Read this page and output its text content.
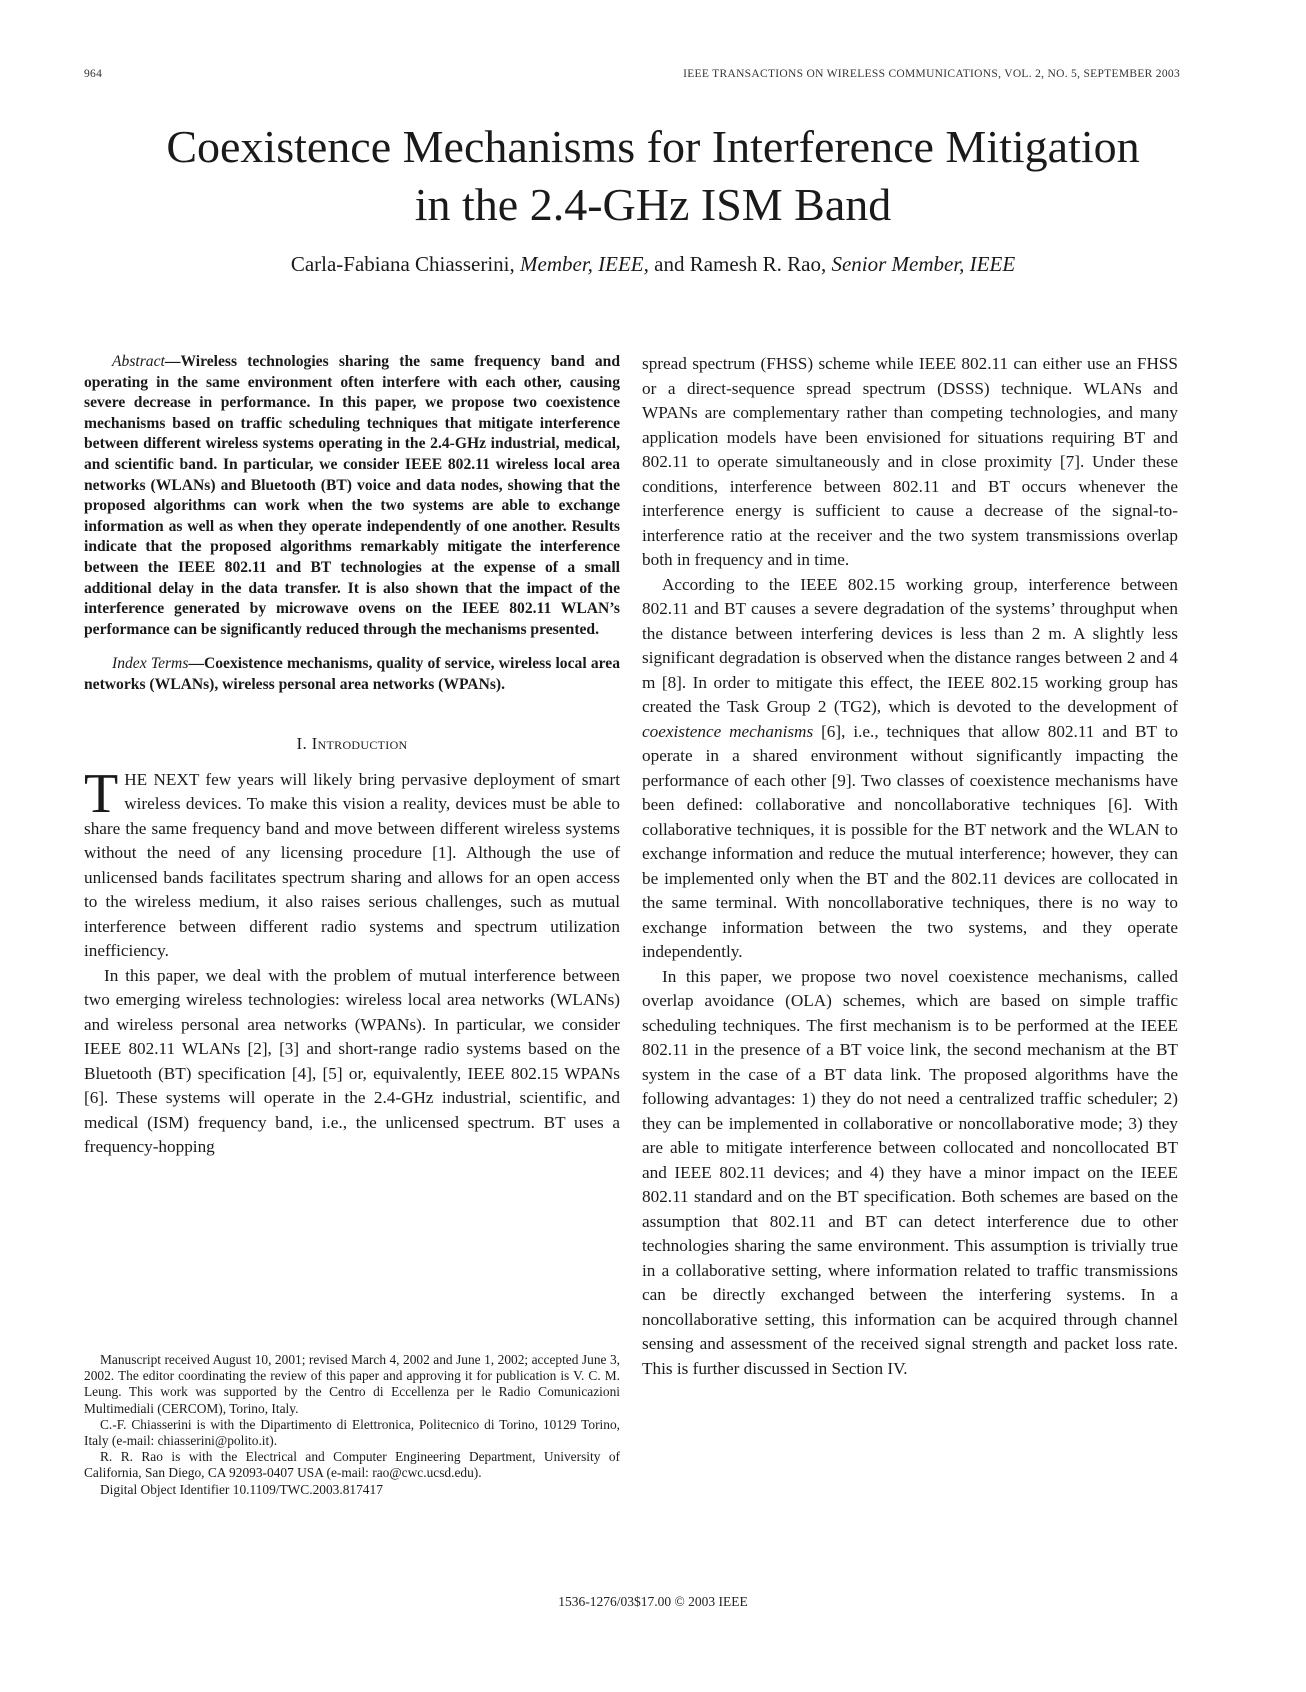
964	IEEE TRANSACTIONS ON WIRELESS COMMUNICATIONS, VOL. 2, NO. 5, SEPTEMBER 2003
Coexistence Mechanisms for Interference Mitigation
in the 2.4-GHz ISM Band
Carla-Fabiana Chiasserini, Member, IEEE, and Ramesh R. Rao, Senior Member, IEEE

Abstract—Wireless technologies sharing the same frequency band and operating in the same environment often interfere with each other, causing severe decrease in performance. In this paper, we propose two coexistence mechanisms based on traffic scheduling techniques that mitigate interference between different wireless systems operating in the 2.4-GHz industrial, medical, and scientific band. In particular, we consider IEEE 802.11 wireless local area networks (WLANs) and Bluetooth (BT) voice and data nodes, showing that the proposed algorithms can work when the two systems are able to exchange information as well as when they operate independently of one another. Results indicate that the proposed algorithms remarkably mitigate the interference between the IEEE 802.11 and BT technologies at the expense of a small additional delay in the data transfer. It is also shown that the impact of the interference generated by microwave ovens on the IEEE 802.11 WLAN’s performance can be significantly reduced through the mechanisms presented.

Index Terms—Coexistence mechanisms, quality of service, wireless local area networks (WLANs), wireless personal area networks (WPANs).

I. Introduction

THE NEXT few years will likely bring pervasive deployment of smart wireless devices. To make this vision a reality, devices must be able to share the same frequency band and move between different wireless systems without the need of any licensing procedure [1]. Although the use of unlicensed bands facilitates spectrum sharing and allows for an open access to the wireless medium, it also raises serious challenges, such as mutual interference between different radio systems and spectrum utilization inefficiency.

In this paper, we deal with the problem of mutual interference between two emerging wireless technologies: wireless local area networks (WLANs) and wireless personal area networks (WPANs). In particular, we consider IEEE 802.11 WLANs [2], [3] and short-range radio systems based on the Bluetooth (BT) specification [4], [5] or, equivalently, IEEE 802.15 WPANs [6]. These systems will operate in the 2.4-GHz industrial, scientific, and medical (ISM) frequency band, i.e., the unlicensed spectrum. BT uses a frequency-hopping

spread spectrum (FHSS) scheme while IEEE 802.11 can either use an FHSS or a direct-sequence spread spectrum (DSSS) technique. WLANs and WPANs are complementary rather than competing technologies, and many application models have been envisioned for situations requiring BT and 802.11 to operate simultaneously and in close proximity [7]. Under these conditions, interference between 802.11 and BT occurs whenever the interference energy is sufficient to cause a decrease of the signal-to-interference ratio at the receiver and the two system transmissions overlap both in frequency and in time.

According to the IEEE 802.15 working group, interference between 802.11 and BT causes a severe degradation of the systems’ throughput when the distance between interfering devices is less than 2 m. A slightly less significant degradation is observed when the distance ranges between 2 and 4 m [8]. In order to mitigate this effect, the IEEE 802.15 working group has created the Task Group 2 (TG2), which is devoted to the development of coexistence mechanisms [6], i.e., techniques that allow 802.11 and BT to operate in a shared environment without significantly impacting the performance of each other [9]. Two classes of coexistence mechanisms have been defined: collaborative and noncollaborative techniques [6]. With collaborative techniques, it is possible for the BT network and the WLAN to exchange information and reduce the mutual interference; however, they can be implemented only when the BT and the 802.11 devices are collocated in the same terminal. With noncollaborative techniques, there is no way to exchange information between the two systems, and they operate independently.

In this paper, we propose two novel coexistence mechanisms, called overlap avoidance (OLA) schemes, which are based on simple traffic scheduling techniques. The first mechanism is to be performed at the IEEE 802.11 in the presence of a BT voice link, the second mechanism at the BT system in the case of a BT data link. The proposed algorithms have the following advantages: 1) they do not need a centralized traffic scheduler; 2) they can be implemented in collaborative or noncollaborative mode; 3) they are able to mitigate interference between collocated and noncollocated BT and IEEE 802.11 devices; and 4) they have a minor impact on the IEEE 802.11 standard and on the BT specification. Both schemes are based on the assumption that 802.11 and BT can detect interference due to other technologies sharing the same environment. This assumption is trivially true in a collaborative setting, where information related to traffic transmissions can be directly exchanged between the interfering systems. In a noncollaborative setting, this information can be acquired through channel sensing and assessment of the received signal strength and packet loss rate. This is further discussed in Section IV.

Manuscript received August 10, 2001; revised March 4, 2002 and June 1, 2002; accepted June 3, 2002. The editor coordinating the review of this paper and approving it for publication is V. C. M. Leung. This work was supported by the Centro di Eccellenza per le Radio Comunicazioni Multimediali (CERCOM), Torino, Italy.

C.-F. Chiasserini is with the Dipartimento di Elettronica, Politecnico di Torino, 10129 Torino, Italy (e-mail: chiasserini@polito.it).

R. R. Rao is with the Electrical and Computer Engineering Department, University of California, San Diego, CA 92093-0407 USA (e-mail: rao@cwc.ucsd.edu).

Digital Object Identifier 10.1109/TWC.2003.817417

1536-1276/03$17.00 © 2003 IEEE
